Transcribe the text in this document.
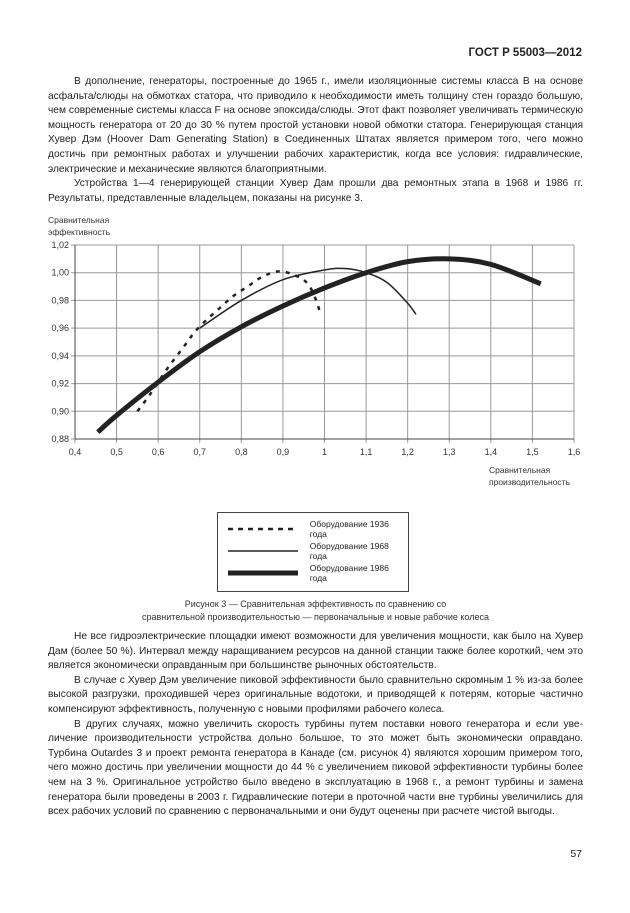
ГОСТ Р 55003—2012

В дополнение, генераторы, построенные до 1965 г., имели изоляционные системы класса В на основе асфальта/слюды на обмотках статора, что приводило к необходимости иметь толщину стен гораздо большую, чем современные системы класса F на основе эпоксида/слюды. Этот факт позволяет увеличивать термическую мощность генератора от 20 до 30 % путем простой установки новой обмотки статора. Генерирующая станция Хувер Дэм (Hoover Dam Generating Station) в Соединенных Штатах является примером того, чего можно достичь при ремонтных работах и улучшении рабочих характеристик, когда все условия: гидравлические, электрические и механические являются благоприятными.

Устройства 1—4 генерирующей станции Хувер Дам прошли два ремонтных этапа в 1968 и 1986 гг. Результаты, представленные владельцем, показаны на рисунке 3.

Сравнительная эффективность
0,4	0,5	0,6	0,7	0,8	0,9	1	1,1	1,2	1,3	1,4	1,5	1,6
0,88
0,90
0,92
0,94
0,96
0,98
1,00
1,02
Сравнительная производительность
Оборудование 1936 года
Оборудование 1968 года
Оборудование 1986 года
Рисунок 3 — Сравнительная эффективность по сравнению со
сравнительной производительностью — первоначальные и новые рабочие колеса

Не все гидроэлектрические площадки имеют возможности для увеличения мощности, как было на Хувер Дам (более 50 %). Интервал между наращиванием ресурсов на данной станции также более короткий, чем это является экономически оправданным при большинстве рыночных обстоятельств.

В случае с Хувер Дэм увеличение пиковой эффективности было сравнительно скромным 1 % из-за более высокой разгрузки, проходившей через оригинальные водотоки, и приводящей к потерям, которые частично компенсируют эффективность, полученную с новыми профилями рабочего колеса.

В других случаях, можно увеличить скорость турбины путем поставки нового генератора и если увеличение производительности устройства дольно большое, то это может быть экономически оправдано. Турбина Outardes 3 и проект ремонта генератора в Канаде (см. рисунок 4) являются хорошим примером того, чего можно достичь при увеличении мощности до 44 % с увеличением пиковой эффективности турбины более чем на 3 %. Оригинальное устройство было введено в эксплуатацию в 1968 г., а ремонт турбины и замена генератора были проведены в 2003 г. Гидравлические потери в проточной части вне турбины увеличились для всех рабочих условий по сравнению с первоначальными и они будут оценены при расчете чистой выгоды.

57
